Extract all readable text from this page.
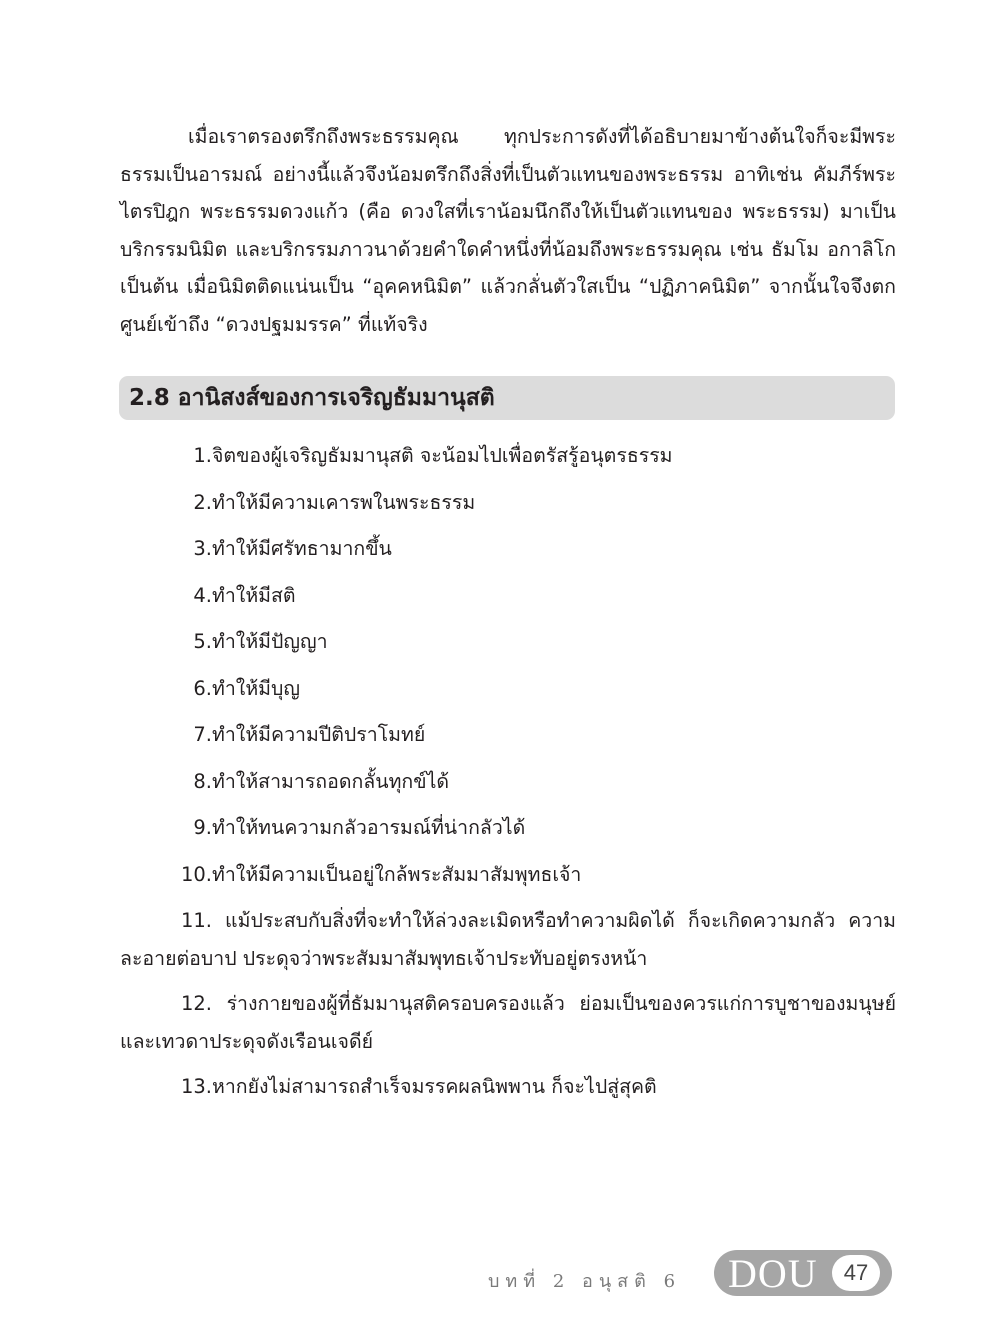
เมื่อเราตรองตรึกถึงพระธรรมคุณ ทุกประการดังที่ได้อธิบายมาข้างต้นใจก็จะมีพระธรรมเป็นอารมณ์ อย่างนี้แล้วจึงน้อมตรึกถึงสิ่งที่เป็นตัวแทนของพระธรรม อาทิเช่น คัมภีร์พระไตรปิฎก พระธรรมดวงแก้ว (คือ ดวงใสที่เราน้อมนึกถึงให้เป็นตัวแทนของ พระธรรม) มาเป็นบริกรรมนิมิต และบริกรรมภาวนาด้วยคำใดคำหนึ่งที่น้อมถึงพระธรรมคุณ เช่น ธัมโม อกาลิโก เป็นต้น เมื่อนิมิตติดแน่นเป็น “อุคคหนิมิต” แล้วกลั่นตัวใสเป็น “ปฏิภาคนิมิต” จากนั้นใจจึงตกศูนย์เข้าถึง “ดวงปฐมมรรค” ที่แท้จริง

2.8 อานิสงส์ของการเจริญธัมมานุสติ
1.จิตของผู้เจริญธัมมานุสติ จะน้อมไปเพื่อตรัสรู้อนุตรธรรม
2.ทำให้มีความเคารพในพระธรรม
3.ทำให้มีศรัทธามากขึ้น
4.ทำให้มีสติ
5.ทำให้มีปัญญา
6.ทำให้มีบุญ
7.ทำให้มีความปีติปราโมทย์
8.ทำให้สามารถอดกลั้นทุกข์ได้
9.ทำให้ทนความกลัวอารมณ์ที่น่ากลัวได้
10.ทำให้มีความเป็นอยู่ใกล้พระสัมมาสัมพุทธเจ้า

11. แม้ประสบกับสิ่งที่จะทำให้ล่วงละเมิดหรือทำความผิดได้ ก็จะเกิดความกลัว ความละอายต่อบาป ประดุจว่าพระสัมมาสัมพุทธเจ้าประทับอยู่ตรงหน้า

12. ร่างกายของผู้ที่ธัมมานุสติครอบครองแล้ว ย่อมเป็นของควรแก่การบูชาของมนุษย์และเทวดาประดุจดังเรือนเจดีย์

13.หากยังไม่สามารถสำเร็จมรรคผลนิพพาน ก็จะไปสู่สุคติ
บทที่ 2 อนุสติ 6 DOU	47
